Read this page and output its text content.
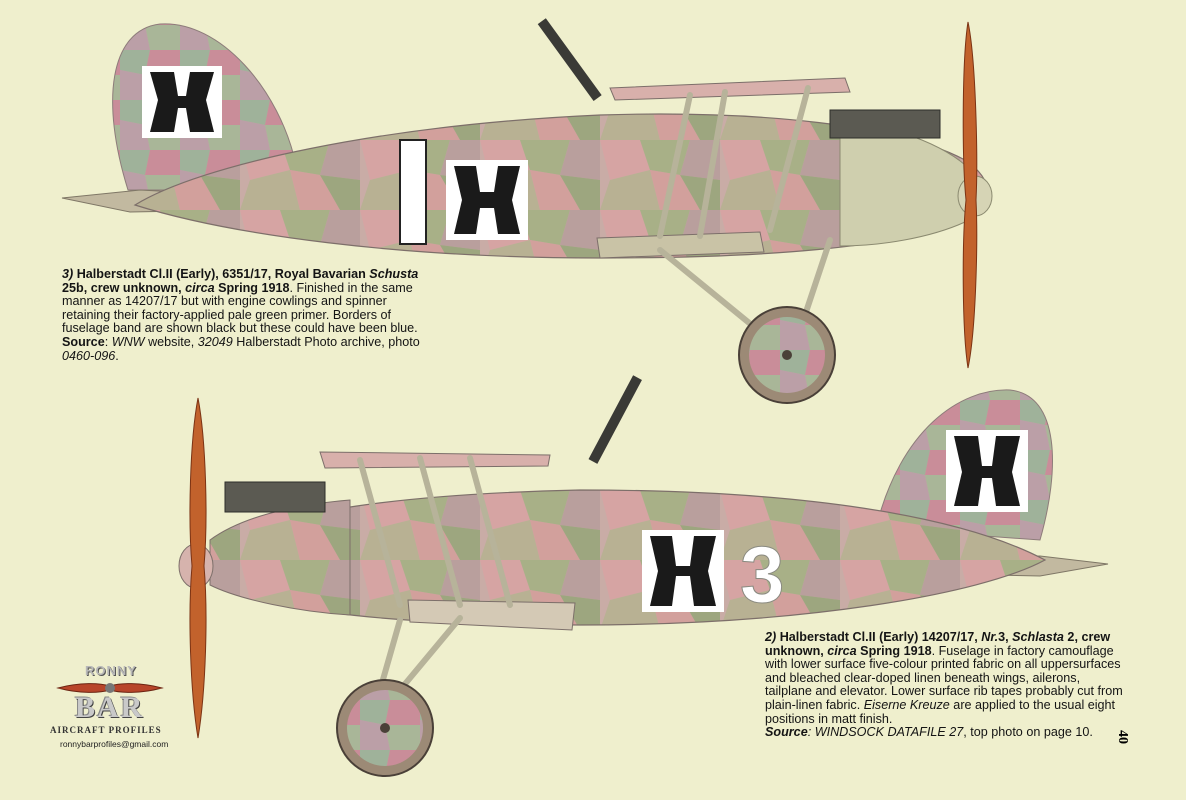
3
3) Halberstadt Cl.II (Early), 6351/17, Royal Bavarian Schusta 25b, crew unknown, circa Spring 1918. Finished in the same manner as 14207/17 but with engine cowlings and spinner retaining their factory-applied pale green primer. Borders of fuselage band are shown black but these could have been blue.
Source: WNW website, 32049 Halberstadt Photo archive, photo 0460-096.
2) Halberstadt Cl.II (Early) 14207/17, Nr.3, Schlasta 2, crew unknown, circa Spring 1918. Fuselage in factory camouflage with lower surface five-colour printed fabric on all uppersurfaces and bleached clear-doped linen beneath wings, ailerons, tailplane and elevator. Lower surface rib tapes probably cut from plain-linen fabric. Eiserne Kreuze are applied to the usual eight positions in matt finish.
Source: WINDSOCK DATAFILE 27, top photo on page 10.
RONNY
BAR
AIRCRAFT PROFILES
ronnybarprofiles@gmail.com	40
